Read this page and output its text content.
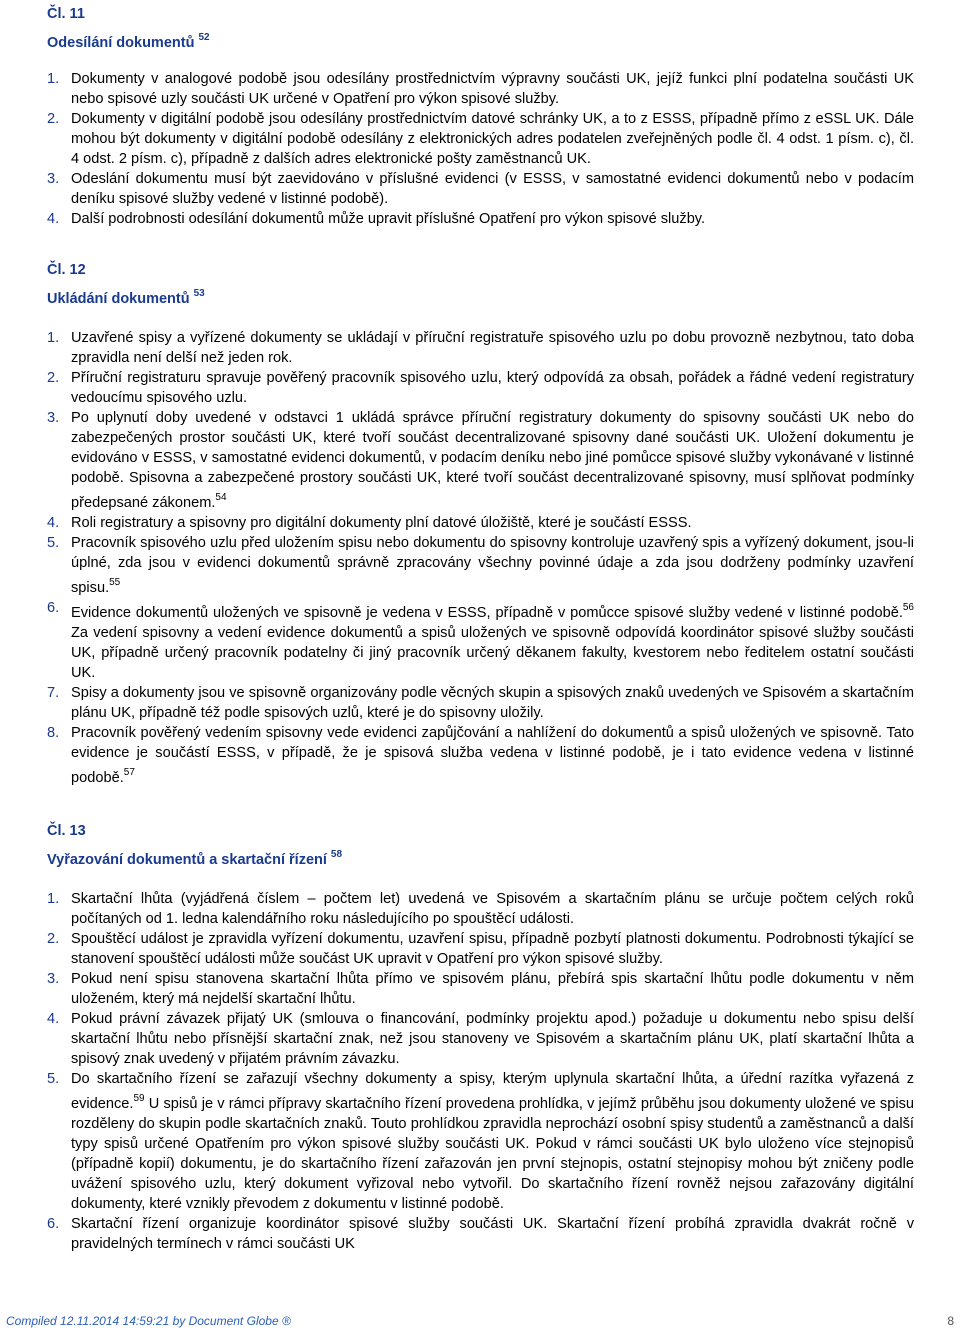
Čl. 11
Odesílání dokumentů $^{52}$
1. Dokumenty v analogové podobě jsou odesílány prostřednictvím výpravny součásti UK, jejíž funkci plní podatelna součásti UK nebo spisové uzly součásti UK určené v Opatření pro výkon spisové služby.
2. Dokumenty v digitální podobě jsou odesílány prostřednictvím datové schránky UK, a to z ESSS, případně přímo z eSSL UK. Dále mohou být dokumenty v digitální podobě odesílány z elektronických adres podatelen zveřejněných podle čl. 4 odst. 1 písm. c), čl. 4 odst. 2 písm. c), případně z dalších adres elektronické pošty zaměstnanců UK.
3. Odeslání dokumentu musí být zaevidováno v příslušné evidenci (v ESSS, v samostatné evidenci dokumentů nebo v podacím deníku spisové služby vedené v listinné podobě).
4. Další podrobnosti odesílání dokumentů může upravit příslušné Opatření pro výkon spisové služby.
Čl. 12
Ukládání dokumentů $^{53}$
1. Uzavřené spisy a vyřízené dokumenty se ukládají v příruční registratuře spisového uzlu po dobu provozně nezbytnou, tato doba zpravidla není delší než jeden rok.
2. Příruční registraturu spravuje pověřený pracovník spisového uzlu, který odpovídá za obsah, pořádek a řádné vedení registratury vedoucímu spisového uzlu.
3. Po uplynutí doby uvedené v odstavci 1 ukládá správce příruční registratury dokumenty do spisovny součásti UK nebo do zabezpečených prostor součásti UK, které tvoří součást decentralizované spisovny dané součásti UK. Uložení dokumentu je evidováno v ESSS, v samostatné evidenci dokumentů, v podacím deníku nebo jiné pomůcce spisové služby vykonávané v listinné podobě. Spisovna a zabezpečené prostory součásti UK, které tvoří součást decentralizované spisovny, musí splňovat podmínky předepsané zákonem.$^{54}$
4. Roli registratury a spisovny pro digitální dokumenty plní datové úložiště, které je součástí ESSS.
5. Pracovník spisového uzlu před uložením spisu nebo dokumentu do spisovny kontroluje uzavřený spis a vyřízený dokument, jsou-li úplné, zda jsou v evidenci dokumentů správně zpracovány všechny povinné údaje a zda jsou dodrženy podmínky uzavření spisu.$^{55}$
6. Evidence dokumentů uložených ve spisovně je vedena v ESSS, případně v pomůcce spisové služby vedené v listinné podobě.$^{56}$ Za vedení spisovny a vedení evidence dokumentů a spisů uložených ve spisovně odpovídá koordinátor spisové služby součásti UK, případně určený pracovník podatelny či jiný pracovník určený děkanem fakulty, kvestorem nebo ředitelem ostatní součásti UK.
7. Spisy a dokumenty jsou ve spisovně organizovány podle věcných skupin a spisových znaků uvedených ve Spisovém a skartačním plánu UK, případně též podle spisových uzlů, které je do spisovny uložily.
8. Pracovník pověřený vedením spisovny vede evidenci zapůjčování a nahlížení do dokumentů a spisů uložených ve spisovně. Tato evidence je součástí ESSS, v případě, že je spisová služba vedena v listinné podobě, je i tato evidence vedena v listinné podobě.$^{57}$
Čl. 13
Vyřazování dokumentů a skartační řízení $^{58}$
1. Skartační lhůta (vyjádřená číslem – počtem let) uvedená ve Spisovém a skartačním plánu se určuje počtem celých roků počítaných od 1. ledna kalendářního roku následujícího po spouštěcí události.
2. Spouštěcí událost je zpravidla vyřízení dokumentu, uzavření spisu, případně pozbytí platnosti dokumentu. Podrobnosti týkající se stanovení spouštěcí události může součást UK upravit v Opatření pro výkon spisové služby.
3. Pokud není spisu stanovena skartační lhůta přímo ve spisovém plánu, přebírá spis skartační lhůtu podle dokumentu v něm uloženém, který má nejdelší skartační lhůtu.
4. Pokud právní závazek přijatý UK (smlouva o financování, podmínky projektu apod.) požaduje u dokumentu nebo spisu delší skartační lhůtu nebo přísnější skartační znak, než jsou stanoveny ve Spisovém a skartačním plánu UK, platí skartační lhůta a spisový znak uvedený v přijatém právním závazku.
5. Do skartačního řízení se zařazují všechny dokumenty a spisy, kterým uplynula skartační lhůta, a úřední razítka vyřazená z evidence.$^{59}$ U spisů je v rámci přípravy skartačního řízení provedena prohlídka, v jejímž průběhu jsou dokumenty uložené ve spisu rozděleny do skupin podle skartačních znaků. Touto prohlídkou zpravidla neprochází osobní spisy studentů a zaměstnanců a další typy spisů určené Opatřením pro výkon spisové služby součásti UK. Pokud v rámci součásti UK bylo uloženo více stejnopisů (případně kopií) dokumentu, je do skartačního řízení zařazován jen první stejnopis, ostatní stejnopisy mohou být zničeny podle uvážení spisového uzlu, který dokument vyřizoval nebo vytvořil. Do skartačního řízení rovněž nejsou zařazovány digitální dokumenty, které vznikly převodem z dokumentu v listinné podobě.
6. Skartační řízení organizuje koordinátor spisové služby součásti UK. Skartační řízení probíhá zpravidla dvakrát ročně v pravidelných termínech v rámci součásti UK
Compiled 12.11.2014 14:59:21 by Document Globe ®	8
